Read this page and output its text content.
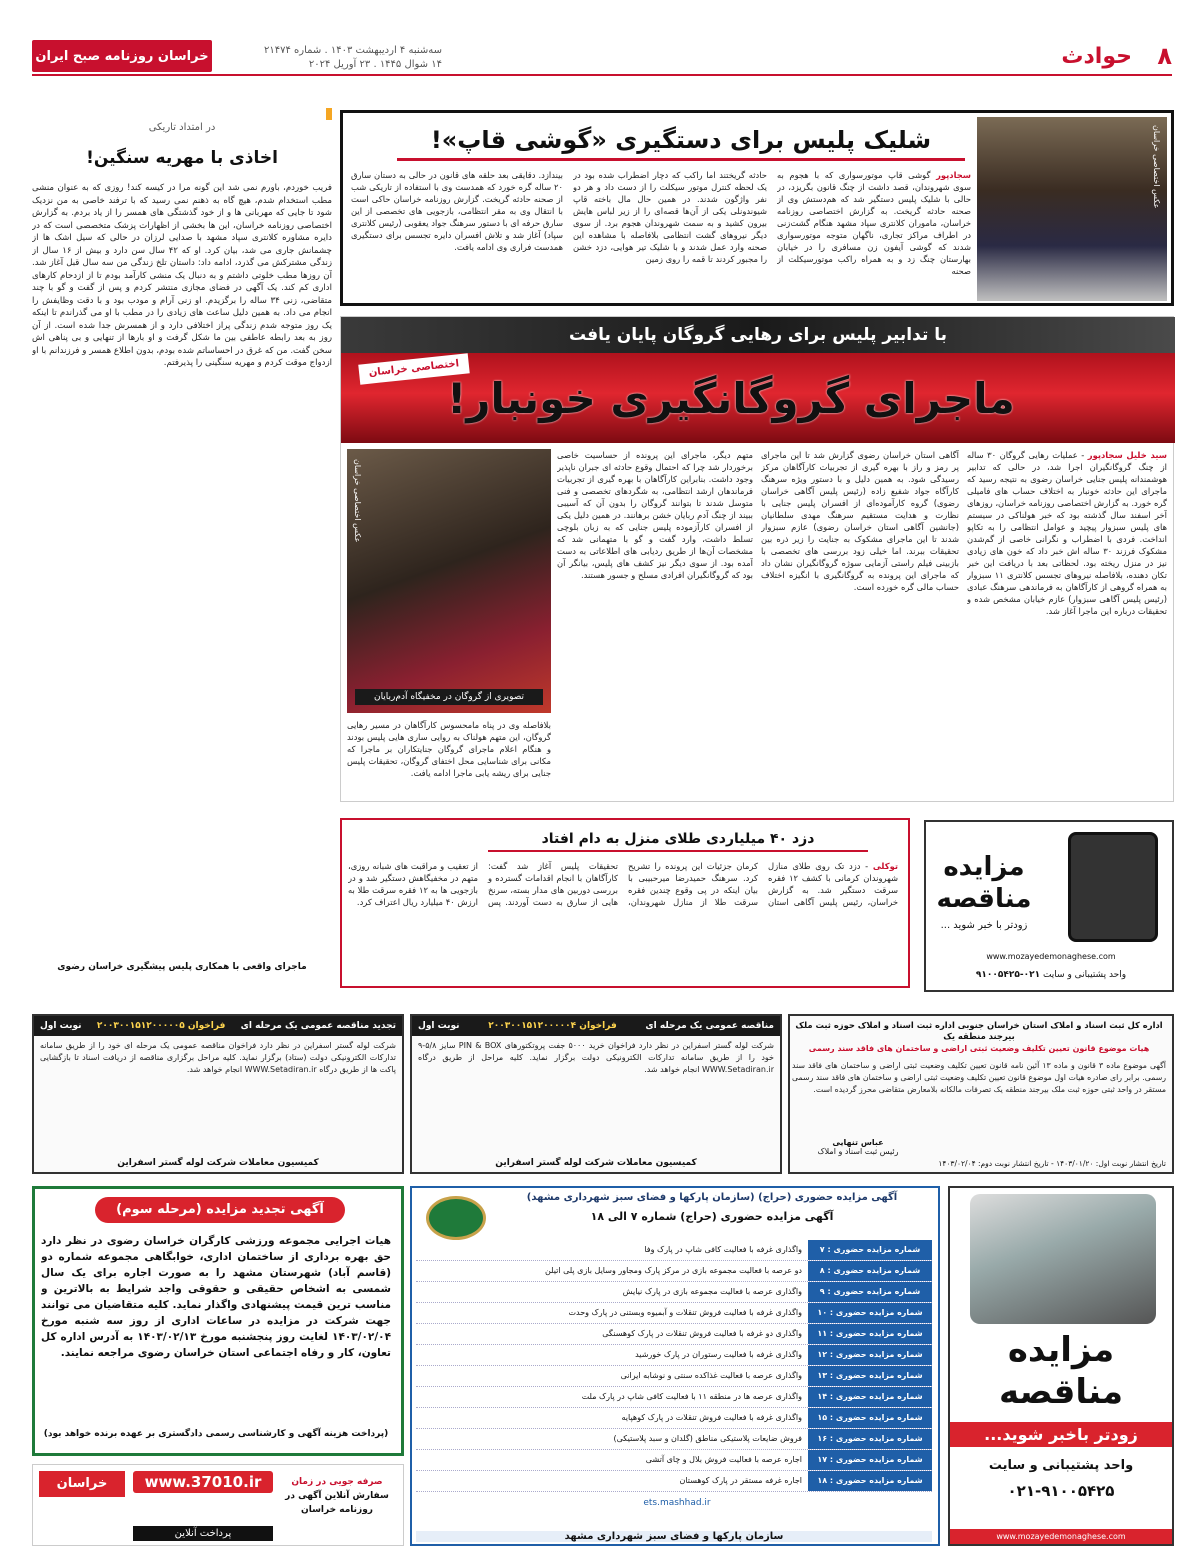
۸
حوادث
سه‌شنبه ۴ اردیبهشت ۱۴۰۳ . شماره ۲۱۴۷۴
۱۴ شوال ۱۴۴۵ . ۲۳ آوریل ۲۰۲۴
خراسان روزنامه صبح ایران
عکس اختصاصی خراسان
شلیک پلیس برای دستگیری «گوشی قاپ»!
سجادپور گوشی قاپ موتورسواری که با هجوم به سوی شهروندان، قصد داشت از چنگ قانون بگریزد، در حالی با شلیک پلیس دستگیر شد که هم‌دستش وی از صحنه حادثه گریخت. به گزارش اختصاصی روزنامه خراسان، ماموران کلانتری سپاد مشهد هنگام گشت‌زنی در اطراف مراکز تجاری، ناگهان متوجه موتورسواری شدند که گوشی آیفون زن مسافری را در خیابان بهارستان چنگ زد و به همراه راکب موتورسیکلت از صحنه
حادثه گریختند اما راکب که دچار اضطراب شده بود در یک لحظه کنترل موتور سیکلت را از دست داد و هر دو نفر واژگون شدند. در همین حال مال باخته قاپ شیوندونلی یکی از آن‌ها قصه‌ای را از زیر لباس هایش بیرون کشید و به سمت شهروندان هجوم برد. از سوی دیگر نیروهای گشت انتظامی بلافاصله با مشاهده این صحنه وارد عمل شدند و با شلیک تیر هوایی، دزد خشن را مجبور کردند تا قمه را روی زمین
بیندازد. دقایقی بعد حلقه های قانون در حالی به دستان سارق ۲۰ ساله گره خورد که همدست وی با استفاده از تاریکی شب از صحنه حادثه گریخت. گزارش روزنامه خراسان حاکی است با انتقال وی به مقر انتظامی، بازجویی های تخصصی از این سارق حرفه ای با دستور سرهنگ جواد یعقوبی (رئیس کلانتری سپاد) آغاز شد و تلاش افسران دایره تجسس برای دستگیری همدست فراری وی ادامه یافت.
با تدابیر پلیس برای رهایی گروگان پایان یافت
اختصاصی خراسان
ماجرای گروگانگیری خونبار!
سید خلیل سجادپور - عملیات رهایی گروگان ۳۰ ساله از چنگ گروگانگیران اجرا شد، در حالی که تدابیر هوشمندانه پلیس جنایی خراسان رضوی به نتیجه رسید که ماجرای این حادثه خونبار به اختلاف حساب های فامیلی گره خورد. به گزارش اختصاصی روزنامه خراسان، روزهای آخر اسفند سال گذشته بود که خبر هولناکی در سیستم های پلیس سبزوار پیچید و عوامل انتظامی را به تکاپو انداخت. فردی با اضطراب و نگرانی خاصی از گم‌شدن مشکوک فرزند ۳۰ ساله اش خبر داد که خون های زیادی نیز در منزل ریخته بود. لحظاتی بعد با دریافت این خبر تکان دهنده، بلافاصله نیروهای تجسس کلانتری ۱۱ سبزوار به همراه گروهی از کارآگاهان به فرماندهی سرهنگ عبادی (رئیس پلیس آگاهی سبزوار) عازم خیابان مشخص شده و تحقیقات درباره این ماجرا آغاز شد.
آگاهی استان خراسان رضوی گزارش شد تا این ماجرای پر رمز و راز با بهره گیری از تجربیات کارآگاهان مرکز رسیدگی شود. به همین دلیل و با دستور ویژه سرهنگ کارآگاه جواد شفیع زاده (رئیس پلیس آگاهی خراسان رضوی) گروه کارآموده‌ای از افسران پلیس جنایی با نظارت و هدایت مستقیم سرهنگ مهدی سلطانیان (جانشین آگاهی استان خراسان رضوی) عازم سبزوار شدند تا این ماجرای مشکوک به جنایت را زیر ذره بین تحقیقات ببرند. اما خیلی زود بررسی های تخصصی با بازبینی فیلم راستی آزمایی سوژه گروگانگیران نشان داد که ماجرای این پرونده به گروگانگیری با انگیزه اختلاف حساب مالی گره خورده است.
متهم دیگر، ماجرای این پرونده از حساسیت خاصی برخوردار شد چرا که احتمال وقوع حادثه ای جبران ناپذیر وجود داشت. بنابراین کارآگاهان با بهره گیری از تجربیات فرماندهان ارشد انتظامی، به شگردهای تخصصی و فنی متوسل شدند تا بتوانند گروگان را بدون آن که آسیبی ببیند از چنگ آدم ربایان خشن برهانند. در همین دلیل یکی از افسران کارآزموده پلیس جنایی که به زبان بلوچی تسلط داشت، وارد گفت و گو با متهمانی شد که مشخصات آن‌ها از طریق ردیابی های اطلاعاتی به دست آمده بود. از سوی دیگر نیز کشف های پلیس، بیانگر آن بود که گروگانگیران افرادی مسلح و جسور هستند.
عکس اختصاصی خراسان
تصویری از گروگان در مخفیگاه آدم‌ربایان
بلافاصله وی در پناه مامحسوس کارآگاهان در مسیر رهایی گروگان، این متهم هولناک به روایی ساری هایی پلیس بودند و هنگام اعلام ماجرای گروگان جنایتکاران بر ماجرا که مکانی برای شناسایی محل اختفای گروگان، تحقیقات پلیس جنایی برای ریشه یابی ماجرا ادامه یافت.
در امتداد تاریکی
اخاذی با مهریه سنگین!
فریب خوردم، باورم نمی شد این گونه مرا در کیسه کند! روزی که به عنوان منشی مطب استخدام شدم، هیچ گاه به ذهنم نمی رسید که با ترفند خاصی به من نزدیک شود تا جایی که مهربانی ها و از خود گذشتگی های همسر را از یاد بردم. به گزارش اختصاصی روزنامه خراسان، این ها بخشی از اظهارات پزشک متخصصی است که در دایره مشاوره کلانتری سپاد مشهد با صدایی لرزان در حالی که سیل اشک ها از چشمانش جاری می شد، بیان کرد. او که ۴۲ سال سن دارد و بیش از ۱۶ سال از زندگی مشترکش می گذرد، ادامه داد: داستان تلخ زندگی من سه سال قبل آغاز شد. آن روزها مطب خلوتی داشتم و به دنبال یک منشی کارآمد بودم تا از ازدحام کارهای اداری کم کند. یک آگهی در فضای مجازی منتشر کردم و پس از گفت و گو با چند متقاضی، زنی ۳۴ ساله را برگزیدم. او زنی آرام و مودب بود و با دقت وظایفش را انجام می داد. به همین دلیل ساعت های زیادی را در مطب با او می گذراندم تا اینکه یک روز متوجه شدم زندگی پراز اختلافی دارد و از همسرش جدا شده است. از آن روز به بعد رابطه عاطفی بین ما شکل گرفت و او بارها از تنهایی و بی پناهی اش سخن گفت. من که غرق در احساساتم شده بودم، بدون اطلاع همسر و فرزندانم با او ازدواج موقت کردم و مهریه سنگینی را پذیرفتم.
ماجرای واقعی با همکاری پلیس پیشگیری خراسان رضوی
دزد ۴۰ میلیاردی طلای منزل به دام افتاد
توکلی - دزد تک روی طلای منازل شهروندان کرمانی با کشف ۱۲ فقره سرقت دستگیر شد. به گزارش خراسان، رئیس پلیس آگاهی استان کرمان جزئیات این پرونده را تشریح کرد. سرهنگ حمیدرضا میرحبیبی با بیان اینکه در پی وقوع چندین فقره سرقت طلا از منازل شهروندان، تحقیقات پلیس آغاز شد گفت: کارآگاهان با انجام اقدامات گسترده و بررسی دوربین های مدار بسته، سرنخ هایی از سارق به دست آوردند. پس از تعقیب و مراقبت های شبانه روزی، متهم در مخفیگاهش دستگیر شد و در بازجویی ها به ۱۲ فقره سرقت طلا به ارزش ۴۰ میلیارد ریال اعتراف کرد.
مزایده
مناقصه
زودتر با خبر شوید ...
www.mozayedemonaghese.com
واحد پشتیبانی و سایت ۰۲۱-۹۱۰۰۵۴۲۵
تجدید مناقصه عمومی یک مرحله ای
فراخوان ۲۰۰۳۰۰۱۵۱۲۰۰۰۰۰۵
نوبت اول
شرکت لوله گستر اسفراین در نظر دارد فراخوان مناقصه عمومی یک مرحله ای خود را از طریق سامانه تدارکات الکترونیکی دولت (ستاد) برگزار نماید. کلیه مراحل برگزاری مناقصه از دریافت اسناد تا بازگشایی پاکت ها از طریق درگاه WWW.Setadiran.ir انجام خواهد شد.
کمیسیون معاملات شرکت لوله گستر اسفراین
مناقصه عمومی یک مرحله ای
فراخوان ۲۰۰۳۰۰۱۵۱۲۰۰۰۰۰۴
نوبت اول
شرکت لوله گستر اسفراین در نظر دارد فراخوان خرید ۵۰۰۰ جفت پروتکتورهای PIN & BOX سایز ۵/۸-۹ خود را از طریق سامانه تدارکات الکترونیکی دولت برگزار نماید. کلیه مراحل از طریق درگاه WWW.Setadiran.ir انجام خواهد شد.
کمیسیون معاملات شرکت لوله گستر اسفراین
اداره کل ثبت اسناد و املاک استان خراسان جنوبی اداره ثبت اسناد و املاک حوزه ثبت ملک بیرجند منطقه یک
هیات موضوع قانون تعیین تکلیف وضعیت ثبتی اراضی و ساختمان های فاقد سند رسمی
آگهی موضوع ماده ۳ قانون و ماده ۱۳ آئین نامه قانون تعیین تکلیف وضعیت ثبتی اراضی و ساختمان های فاقد سند رسمی. برابر رای صادره هیات اول موضوع قانون تعیین تکلیف وضعیت ثبتی اراضی و ساختمان های فاقد سند رسمی مستقر در واحد ثبتی حوزه ثبت ملک بیرجند منطقه یک تصرفات مالکانه بلامعارض متقاضی محرز گردیده است.
عباس تنهایی
رئیس ثبت اسناد و املاک
تاریخ انتشار نوبت اول: ۱۴۰۳/۰۱/۲۰ - تاریخ انتشار نوبت دوم: ۱۴۰۳/۰۲/۰۴
آگهی تجدید مزایده (مرحله سوم)
هیات اجرایی مجموعه ورزشی کارگران خراسان رضوی در نظر دارد حق بهره برداری از ساختمان اداری، خوابگاهی مجموعه شماره دو (قاسم آباد) شهرستان مشهد را به صورت اجاره برای یک سال شمسی به اشخاص حقیقی و حقوقی واجد شرایط به بالاترین و مناسب ترین قیمت پیشنهادی واگذار نماید. کلیه متقاضیان می توانند جهت شرکت در مزایده در ساعات اداری از روز سه شنبه مورخ ۱۴۰۳/۰۲/۰۴ لغایت روز پنجشنبه مورخ ۱۴۰۳/۰۲/۱۳ به آدرس اداره کل تعاون، کار و رفاه اجتماعی استان خراسان رضوی مراجعه نمایند.
(پرداخت هزینه آگهی و کارشناسی رسمی دادگستری بر عهده برنده خواهد بود)
آگهی مزایده حضوری (حراج) (سازمان پارکها و فضای سبز شهرداری مشهد)
آگهی مزایده حضوری (حراج) شماره ۷ الی ۱۸
شماره مزایده حضوری : ۷
واگذاری غرفه با فعالیت کافی شاپ در پارک وفا
شماره مزایده حضوری : ۸
دو عرصه با فعالیت مجموعه بازی در مرکز پارک ومجاور وسایل بازی پلی اتیلن
شماره مزایده حضوری : ۹
واگذاری عرصه با فعالیت مجموعه بازی در پارک نیایش
شماره مزایده حضوری : ۱۰
واگذاری غرفه با فعالیت فروش تنقلات و آبمیوه وبستنی در پارک وحدت
شماره مزایده حضوری : ۱۱
واگذاری دو غرفه با فعالیت فروش تنقلات در پارک کوهسنگی
شماره مزایده حضوری : ۱۲
واگذاری غرفه با فعالیت رستوران در پارک خورشید
شماره مزایده حضوری : ۱۳
واگذاری عرصه با فعالیت غذاکده سنتی و نوشابه ایرانی
شماره مزایده حضوری : ۱۴
واگذاری عرصه ها در منطقه ۱۱ با فعالیت کافی شاپ در پارک ملت
شماره مزایده حضوری : ۱۵
واگذاری غرفه با فعالیت فروش تنقلات در پارک کوهپایه
شماره مزایده حضوری : ۱۶
فروش ضایعات پلاستیکی مناطق (گلدان و سبد پلاستیکی)
شماره مزایده حضوری : ۱۷
اجاره عرصه با فعالیت فروش بلال و چای آتشی
شماره مزایده حضوری : ۱۸
اجاره غرفه مستقر در پارک کوهستان
ets.mashhad.ir
سازمان پارکها و فضای سبز شهرداری مشهد
مزایده
مناقصه
زودتر باخبر شوید...
واحد پشتیبانی و سایت
۰۲۱-۹۱۰۰۵۴۲۵
www.mozayedemonaghese.com
www.37010.ir
خراسان	صرفه جویی در زمان
سفارش آنلاین آگهی در
روزنامه خراسان
پرداخت آنلاین
